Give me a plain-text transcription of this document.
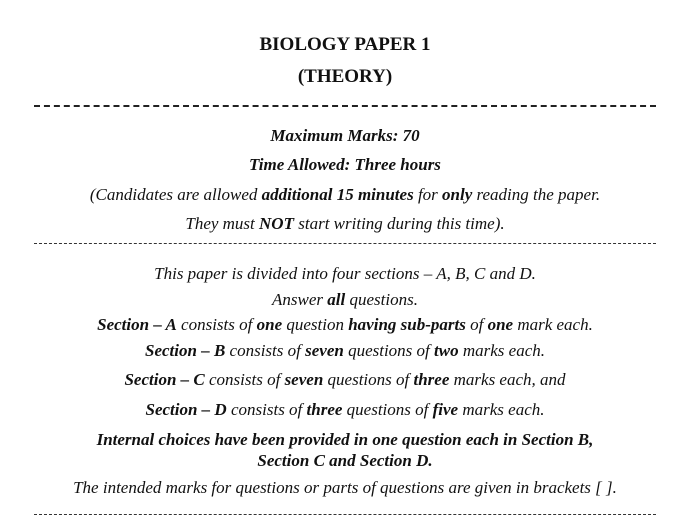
BIOLOGY PAPER 1
(THEORY)
Maximum Marks: 70
Time Allowed: Three hours
(Candidates are allowed additional 15 minutes for only reading the paper.
They must NOT start writing during this time).
This paper is divided into four sections – A, B, C and D.
Answer all questions.
Section – A consists of one question having sub-parts of one mark each.
Section – B consists of seven questions of two marks each.
Section – C consists of seven questions of three marks each, and
Section – D consists of three questions of five marks each.
Internal choices have been provided in one question each in Section B,
Section C and Section D.
The intended marks for questions or parts of questions are given in brackets [ ].
